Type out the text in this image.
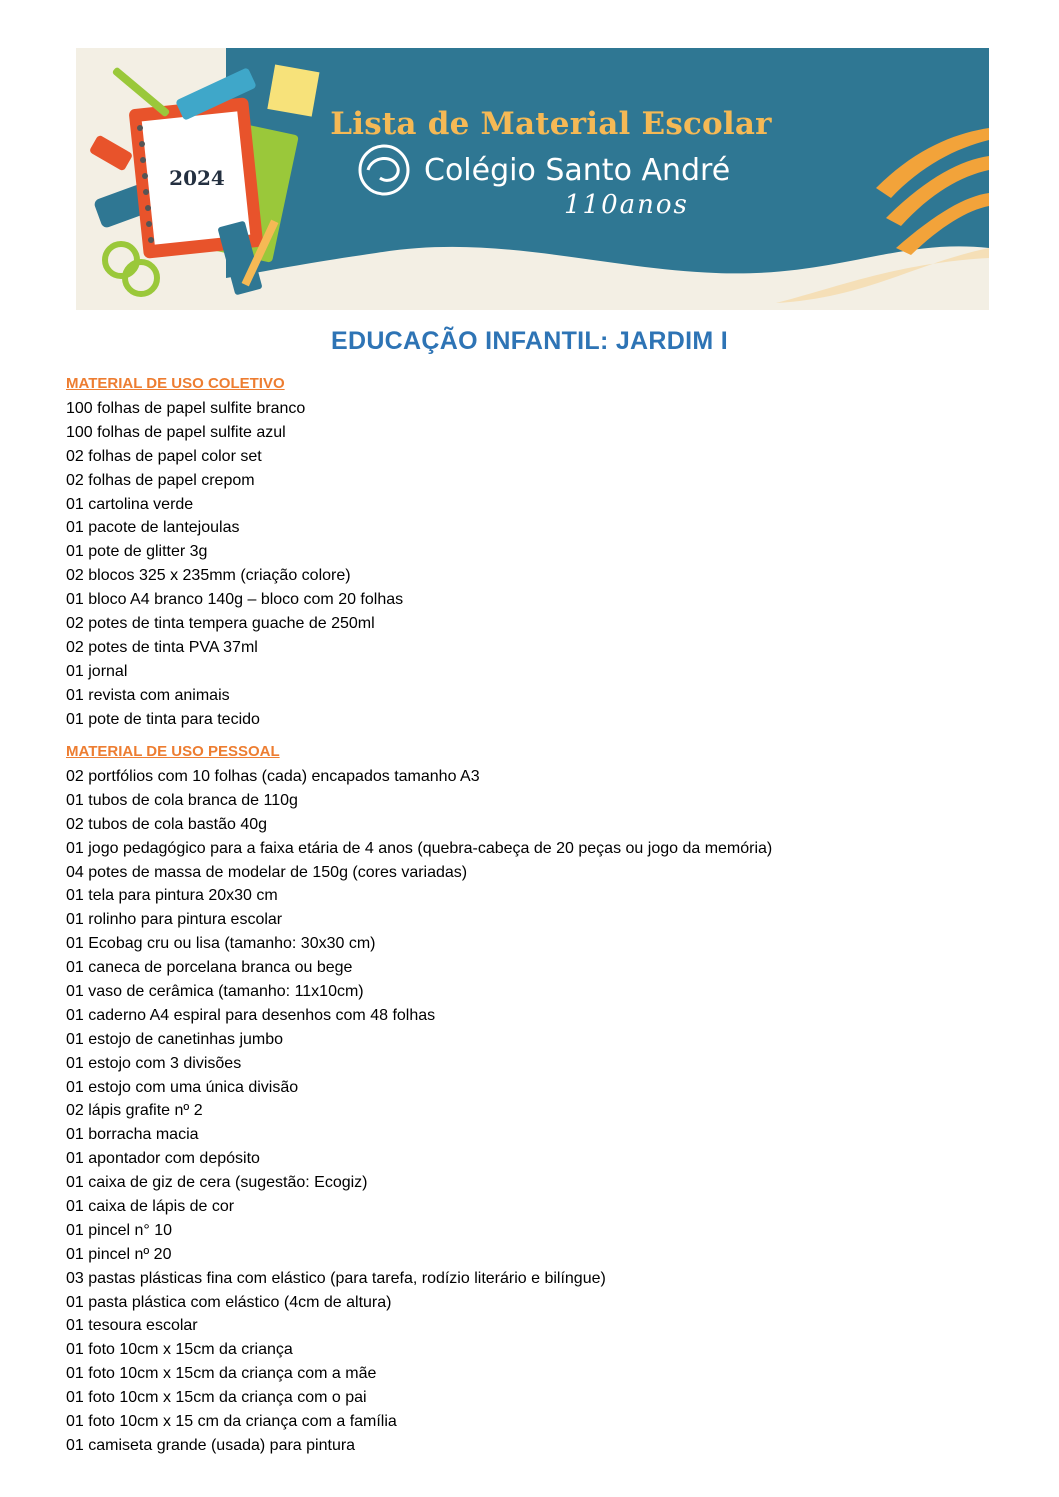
Lista de Material Escolar
Colégio Santo André
110anos
2024
EDUCAÇÃO INFANTIL: JARDIM I
MATERIAL DE USO COLETIVO
100 folhas de papel sulfite branco
100 folhas de papel sulfite azul
02 folhas de papel color set
02 folhas de papel crepom
01 cartolina verde
01 pacote de lantejoulas
01 pote de glitter 3g
02 blocos 325 x 235mm (criação colore)
01 bloco A4 branco 140g – bloco com 20 folhas
02 potes de tinta tempera guache de 250ml
02 potes de tinta PVA 37ml
01 jornal
01 revista com animais
01 pote de tinta para tecido
MATERIAL DE USO PESSOAL
02 portfólios com 10 folhas (cada) encapados tamanho A3
01 tubos de cola branca de 110g
02 tubos de cola bastão 40g
01 jogo pedagógico para a faixa etária de 4 anos (quebra-cabeça de 20 peças ou jogo da memória)
04 potes de massa de modelar de 150g (cores variadas)
01 tela para pintura 20x30 cm
01 rolinho para pintura escolar
01 Ecobag cru ou lisa (tamanho: 30x30 cm)
01 caneca de porcelana branca ou bege
01 vaso de cerâmica (tamanho: 11x10cm)
01 caderno A4 espiral para desenhos com 48 folhas
01 estojo de canetinhas jumbo
01 estojo com 3 divisões
01 estojo com uma única divisão
02 lápis grafite nº 2
01 borracha macia
01 apontador com depósito
01 caixa de giz de cera (sugestão: Ecogiz)
01 caixa de lápis de cor
01 pincel n° 10
01 pincel nº 20
03 pastas plásticas fina com elástico (para tarefa, rodízio literário e bilíngue)
01 pasta plástica com elástico (4cm de altura)
01 tesoura escolar
01 foto 10cm x 15cm da criança
01 foto 10cm x 15cm da criança com a mãe
01 foto 10cm x 15cm da criança com o pai
01 foto 10cm x 15 cm da criança com a família
01 camiseta grande (usada) para pintura
